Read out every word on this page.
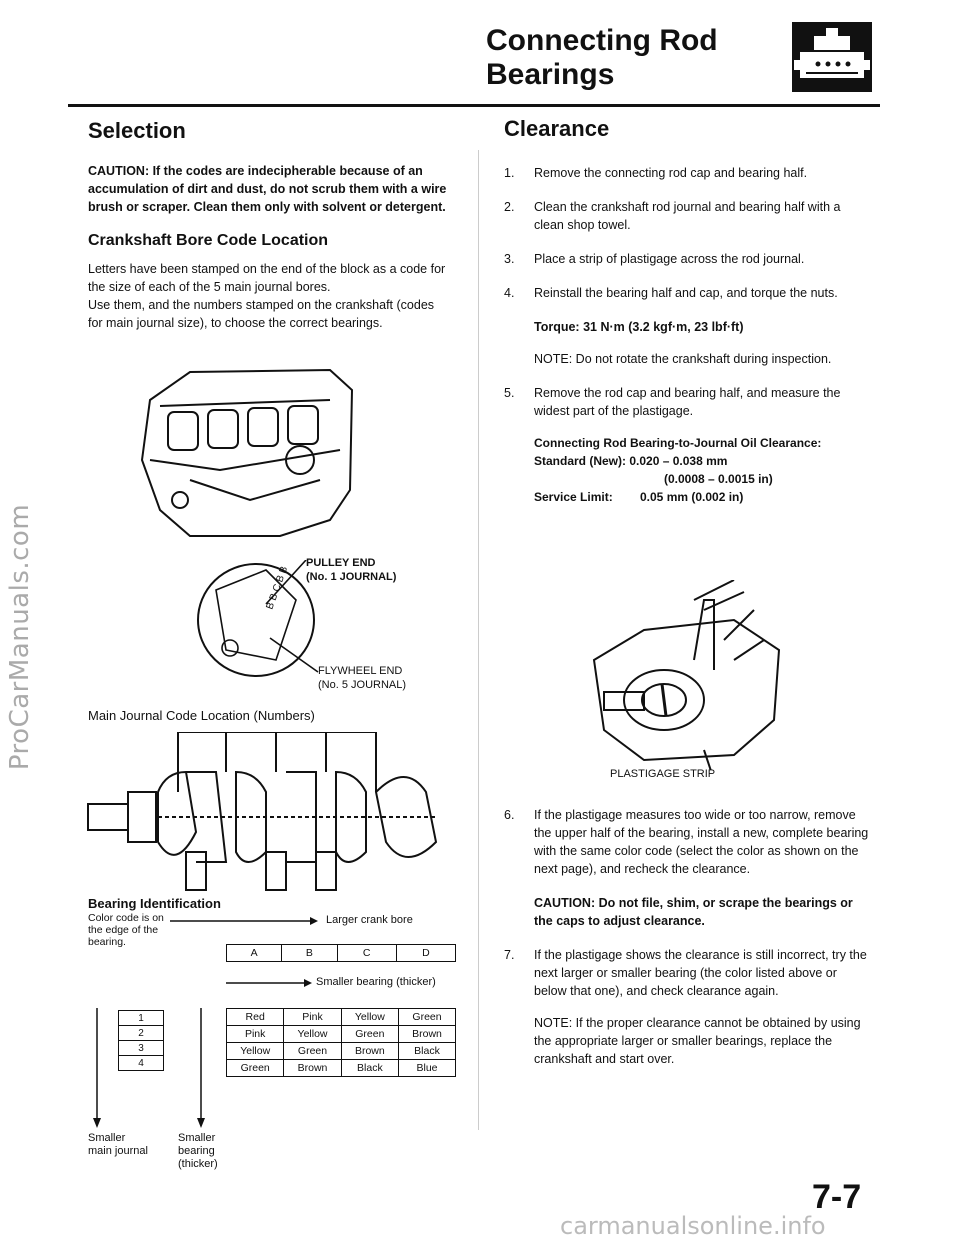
ProCarManuals.com
carmanualsonline.info
Connecting Rod
Bearings
Selection

CAUTION: If the codes are indecipherable because of an accumulation of dirt and dust, do not scrub them with a wire brush or scraper. Clean them only with solvent or detergent.

Crankshaft Bore Code Location

Letters have been stamped on the end of the block as a code for the size of each of the 5 main journal bores.

Use them, and the numbers stamped on the crankshaft (codes for main journal size), to choose the correct bearings.

B B C B B
PULLEY END
(No. 1 JOURNAL)
FLYWHEEL END
(No. 5 JOURNAL)
Main Journal Code Location (Numbers)
Bearing Identification
Color code is on the edge of the bearing.
Larger crank bore
A	B	C	D
Smaller bearing (thicker)
1
2
3
4
Red	Pink	Yellow	Green
Pink	Yellow	Green	Brown
Yellow	Green	Brown	Black
Green	Brown	Black	Blue
Smaller main journal
Smaller bearing (thicker)
Clearance
1.	Remove the connecting rod cap and bearing half.
2.	Clean the crankshaft rod journal and bearing half with a clean shop towel.
3.	Place a strip of plastigage across the rod journal.
4.	Reinstall the bearing half and cap, and torque the nuts.
Torque: 31 N·m (3.2 kgf·m, 23 lbf·ft)
NOTE: Do not rotate the crankshaft during inspection.
5.	Remove the rod cap and bearing half, and measure the widest part of the plastigage.
Connecting Rod Bearing-to-Journal Oil Clearance:
Standard (New): 0.020 – 0.038 mm
(0.0008 – 0.0015 in)
Service Limit: 0.05 mm (0.002 in)
PLASTIGAGE STRIP
6.	If the plastigage measures too wide or too narrow, remove the upper half of the bearing, install a new, complete bearing with the same color code (select the color as shown on the next page), and recheck the clearance.
CAUTION: Do not file, shim, or scrape the bearings or the caps to adjust clearance.
7.	If the plastigage shows the clearance is still incorrect, try the next larger or smaller bearing (the color listed above or below that one), and check clearance again.
NOTE: If the proper clearance cannot be obtained by using the appropriate larger or smaller bearings, replace the crankshaft and start over.
7-7
